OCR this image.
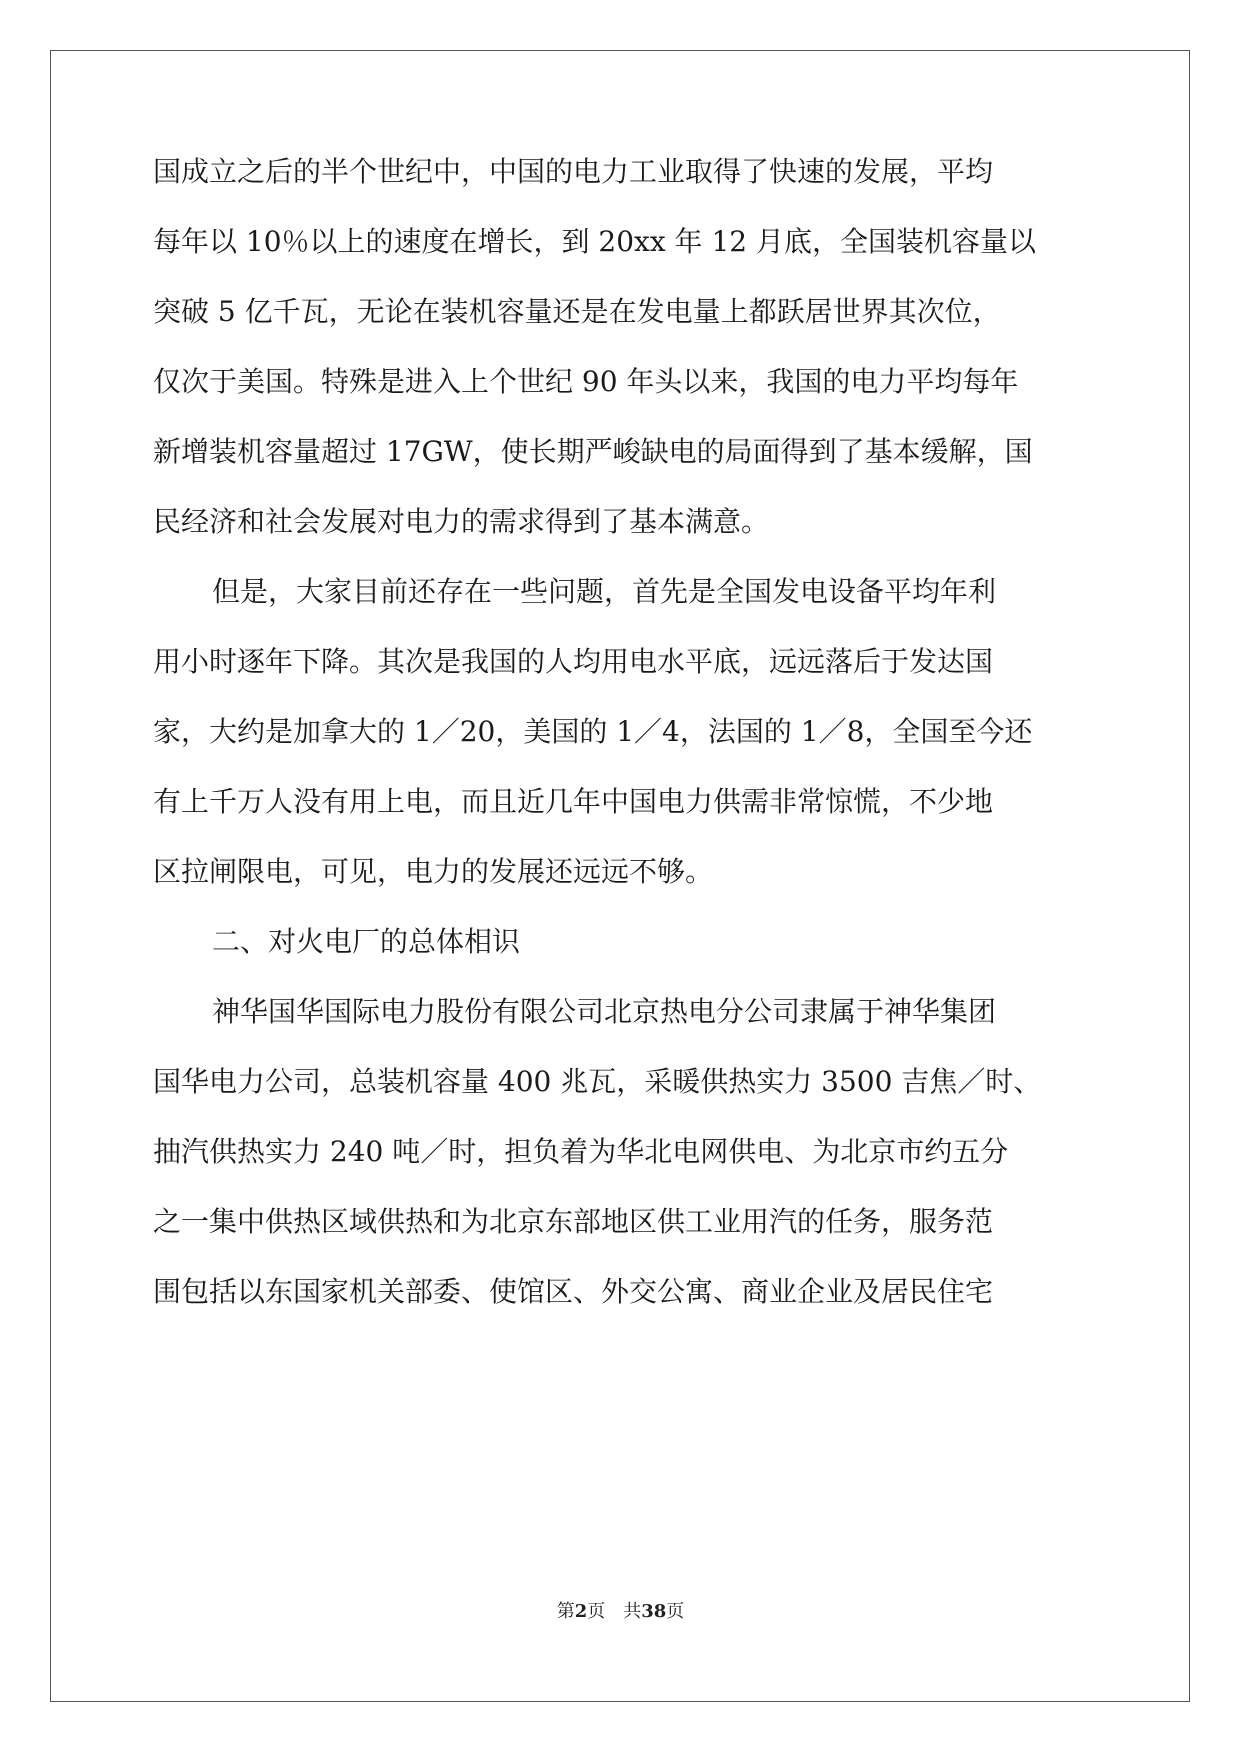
国成立之后的半个世纪中，中国的电力工业取得了快速的发展，平均
每年以 10％以上的速度在增长，到 20xx 年 12 月底，全国装机容量以
突破 5 亿千瓦，无论在装机容量还是在发电量上都跃居世界其次位，
仅次于美国。特殊是进入上个世纪 90 年头以来，我国的电力平均每年
新增装机容量超过 17GW，使长期严峻缺电的局面得到了基本缓解，国
民经济和社会发展对电力的需求得到了基本满意。
但是，大家目前还存在一些问题，首先是全国发电设备平均年利
用小时逐年下降。其次是我国的人均用电水平底，远远落后于发达国
家，大约是加拿大的 1／20，美国的 1／4，法国的 1／8，全国至今还
有上千万人没有用上电，而且近几年中国电力供需非常惊慌，不少地
区拉闸限电，可见，电力的发展还远远不够。
二、对火电厂的总体相识
神华国华国际电力股份有限公司北京热电分公司隶属于神华集团
国华电力公司，总装机容量 400 兆瓦，采暖供热实力 3500 吉焦／时、
抽汽供热实力 240 吨／时，担负着为华北电网供电、为北京市约五分
之一集中供热区域供热和为北京东部地区供工业用汽的任务，服务范
围包括以东国家机关部委、使馆区、外交公寓、商业企业及居民住宅
第2页　共38页
